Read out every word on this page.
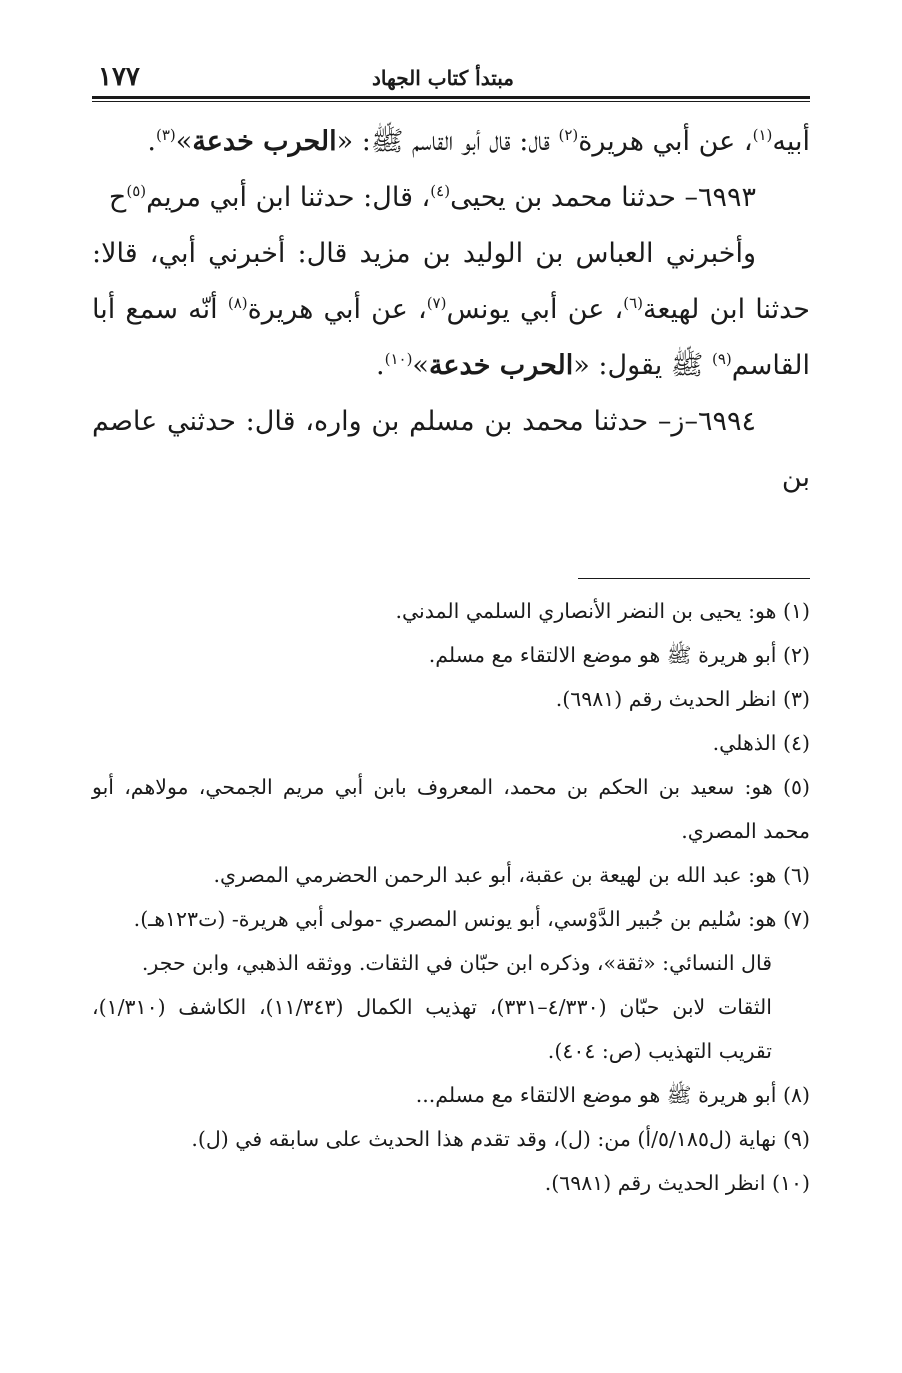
مبتدأ كتاب الجهاد
١٧٧

أبيه$^{(١)}$، عن أبي هريرة$^{(٢)}$ قال: قال أبو القاسم ﷺ: «الحرب خدعة»$^{(٣)}$.

٦٩٩٣– حدثنا محمد بن يحيى$^{(٤)}$، قال: حدثنا ابن أبي مريم$^{(٥)}$ح

وأخبرني العباس بن الوليد بن مزيد قال: أخبرني أبي، قالا: حدثنا ابن لهيعة$^{(٦)}$، عن أبي يونس$^{(٧)}$، عن أبي هريرة$^{(٨)}$ أنّه سمع أبا القاسم$^{(٩)}$ ﷺ يقول: «الحرب خدعة»$^{(١٠)}$.

٦٩٩٤–ز– حدثنا محمد بن مسلم بن واره، قال: حدثني عاصم بن

(١) هو: يحيى بن النضر الأنصاري السلمي المدني.

(٢) أبو هريرة ﷺ هو موضع الالتقاء مع مسلم.

(٣) انظر الحديث رقم (٦٩٨١).

(٤) الذهلي.

(٥) هو: سعيد بن الحكم بن محمد، المعروف بابن أبي مريم الجمحي، مولاهم، أبو محمد المصري.

(٦) هو: عبد الله بن لهيعة بن عقبة، أبو عبد الرحمن الحضرمي المصري.

(٧) هو: سُليم بن جُبير الدَّوْسي، أبو يونس المصري -مولى أبي هريرة- (ت١٢٣هـ).

قال النسائي: «ثقة»، وذكره ابن حبّان في الثقات. ووثقه الذهبي، وابن حجر.

الثقات لابن حبّان (٤/٣٣٠–٣٣١)، تهذيب الكمال (١١/٣٤٣)، الكاشف (١/٣١٠)، تقريب التهذيب (ص: ٤٠٤).

(٨) أبو هريرة ﷺ هو موضع الالتقاء مع مسلم...

(٩) نهاية (ل٥/١٨٥/أ) من: (ل)، وقد تقدم هذا الحديث على سابقه في (ل).

(١٠) انظر الحديث رقم (٦٩٨١).
